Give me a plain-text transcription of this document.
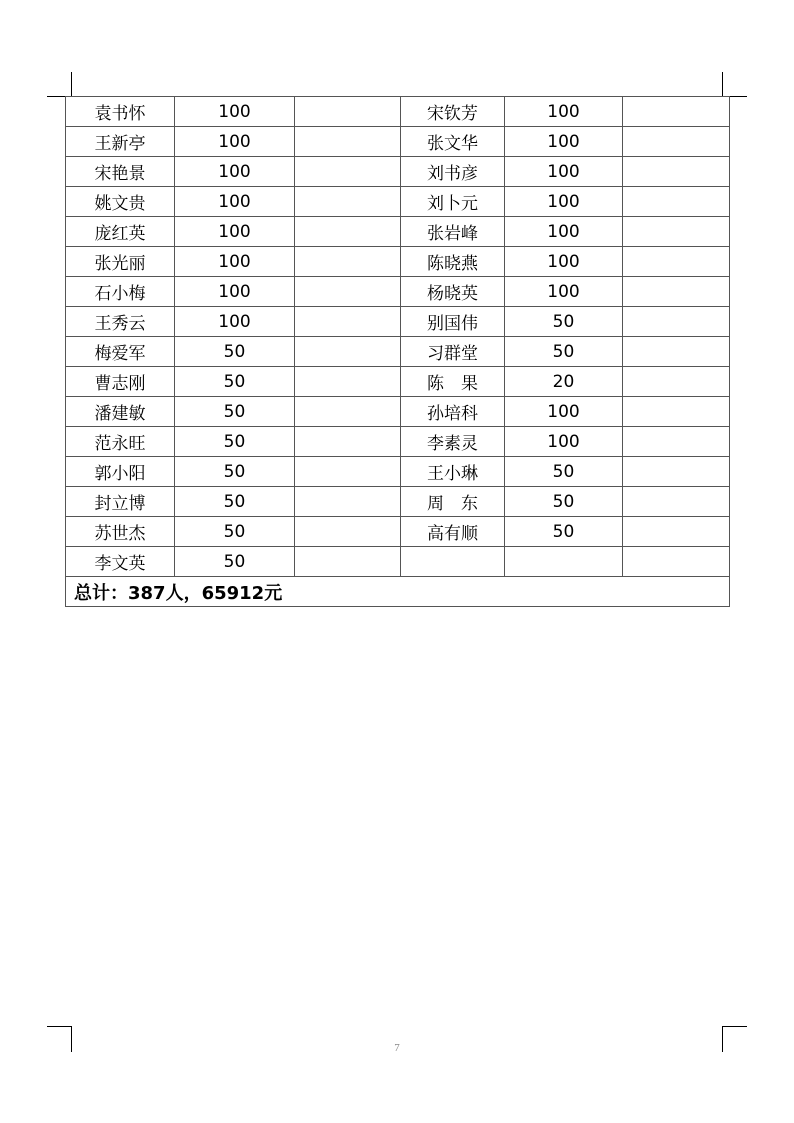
袁书怀	100		宋钦芳	100	
王新亭	100		张文华	100	
宋艳景	100		刘书彦	100	
姚文贵	100		刘卜元	100	
庞红英	100		张岩峰	100	
张光丽	100		陈晓燕	100	
石小梅	100		杨晓英	100	
王秀云	100		别国伟	50	
梅爱军	50		习群堂	50	
曹志刚	50		陈　果	20	
潘建敏	50		孙培科	100	
范永旺	50		李素灵	100	
郭小阳	50		王小琳	50	
封立博	50		周　东	50	
苏世杰	50		高有顺	50	
李文英	50				
总计：387人，65912元					
7
